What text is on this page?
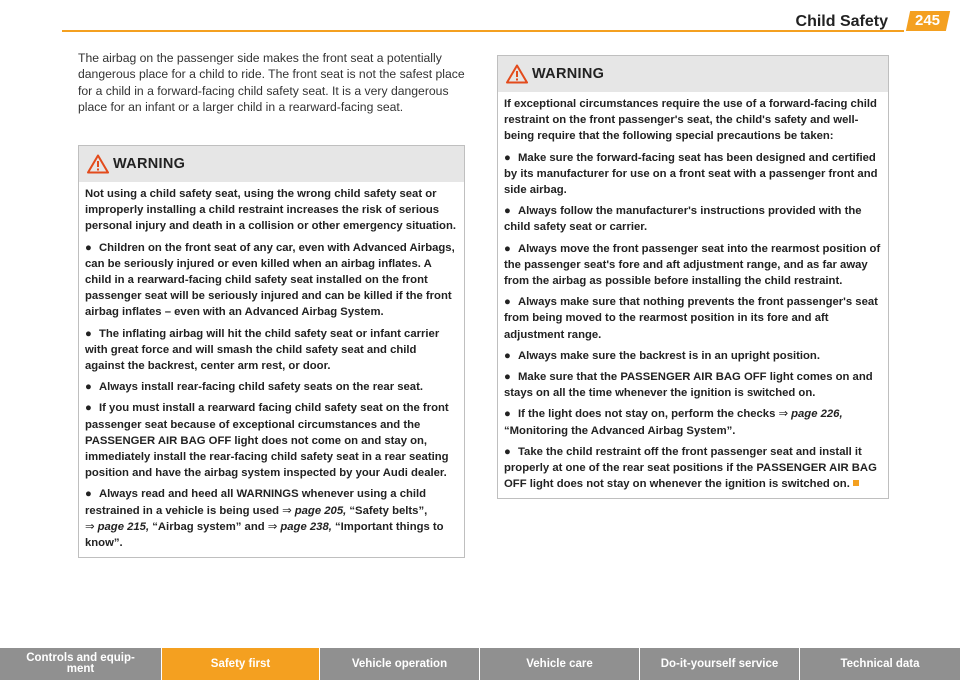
Child Safety	245

The airbag on the passenger side makes the front seat a potentially dangerous place for a child to ride. The front seat is not the safest place for a child in a forward-facing child safety seat. It is a very dangerous place for an infant or a larger child in a rearward-facing seat.

WARNING

Not using a child safety seat, using the wrong child safety seat or improperly installing a child restraint increases the risk of serious personal injury and death in a collision or other emergency situation.

● Children on the front seat of any car, even with Advanced Airbags, can be seriously injured or even killed when an airbag inflates. A child in a rearward-facing child safety seat installed on the front passenger seat will be seriously injured and can be killed if the front airbag inflates – even with an Advanced Airbag System.

● The inflating airbag will hit the child safety seat or infant carrier with great force and will smash the child safety seat and child against the backrest, center arm rest, or door.

● Always install rear-facing child safety seats on the rear seat.

● If you must install a rearward facing child safety seat on the front passenger seat because of exceptional circumstances and the PASSENGER AIR BAG OFF light does not come on and stay on, immediately install the rear-facing child safety seat in a rear seating position and have the airbag system inspected by your Audi dealer.

● Always read and heed all WARNINGS whenever using a child restrained in a vehicle is being used ⇒ page 205, “Safety belts”,
⇒ page 215, “Airbag system” and ⇒ page 238, “Important things to know”.

WARNING

If exceptional circumstances require the use of a forward-facing child restraint on the front passenger's seat, the child's safety and well-being require that the following special precautions be taken:

● Make sure the forward-facing seat has been designed and certified by its manufacturer for use on a front seat with a passenger front and side airbag.

● Always follow the manufacturer's instructions provided with the child safety seat or carrier.

● Always move the front passenger seat into the rearmost position of the passenger seat's fore and aft adjustment range, and as far away from the airbag as possible before installing the child restraint.

● Always make sure that nothing prevents the front passenger's seat from being moved to the rearmost position in its fore and aft adjustment range.

● Always make sure the backrest is in an upright position.

● Make sure that the PASSENGER AIR BAG OFF light comes on and stays on all the time whenever the ignition is switched on.

● If the light does not stay on, perform the checks ⇒ page 226, “Monitoring the Advanced Airbag System”.

● Take the child restraint off the front passenger seat and install it properly at one of the rear seat positions if the PASSENGER AIR BAG OFF light does not stay on whenever the ignition is switched on.

Controls and equip-
ment	Safety first	Vehicle operation	Vehicle care	Do-it-yourself service	Technical data
